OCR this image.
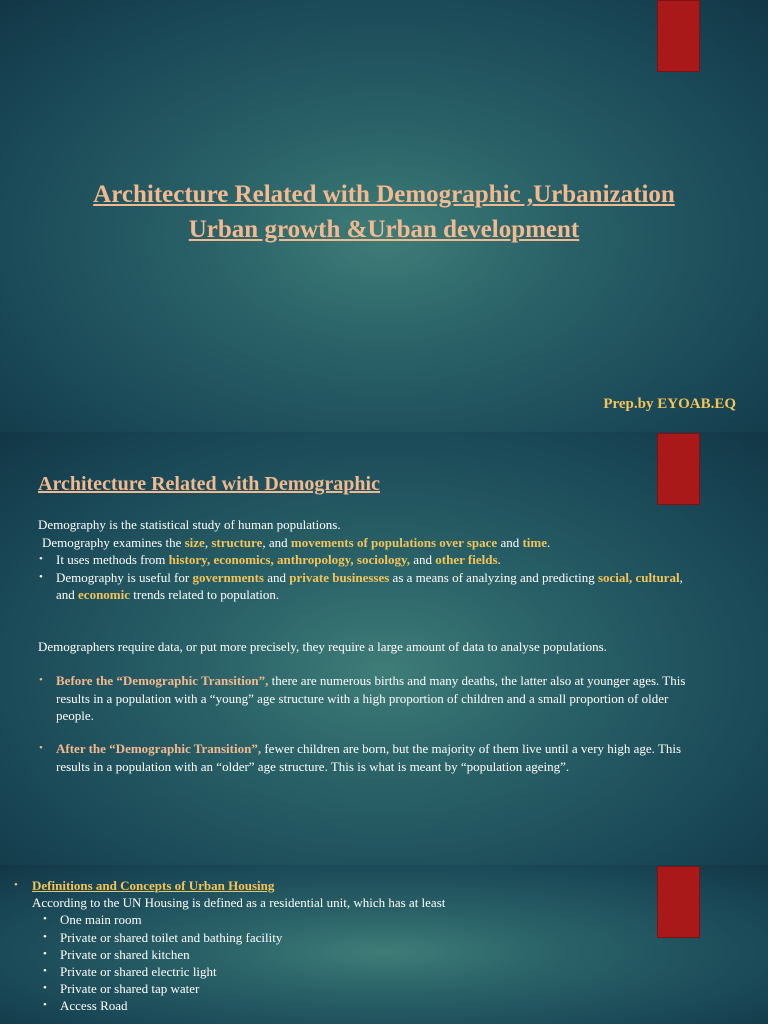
Architecture Related with Demographic ,Urbanization
Urban growth &Urban development
Prep.by EYOAB.EQ
Architecture Related with Demographic

Demography is the statistical study of human populations.

Demography examines the size, structure, and movements of populations over space and time.

• It uses methods from history, economics, anthropology, sociology, and other fields.
• Demography is useful for governments and private businesses as a means of analyzing and predicting social, cultural, and economic trends related to population.
Demographers require data, or put more precisely, they require a large amount of data to analyse populations.
• Before the “Demographic Transition”, there are numerous births and many deaths, the latter also at younger ages. This results in a population with a “young” age structure with a high proportion of children and a small proportion of older people.
• After the “Demographic Transition”, fewer children are born, but the majority of them live until a very high age. This results in a population with an “older” age structure. This is what is meant by “population ageing”.
• Definitions and Concepts of Urban Housing
According to the UN Housing is defined as a residential unit, which has at least
• One main room
• Private or shared toilet and bathing facility
• Private or shared kitchen
• Private or shared electric light
• Private or shared tap water
• Access Road
